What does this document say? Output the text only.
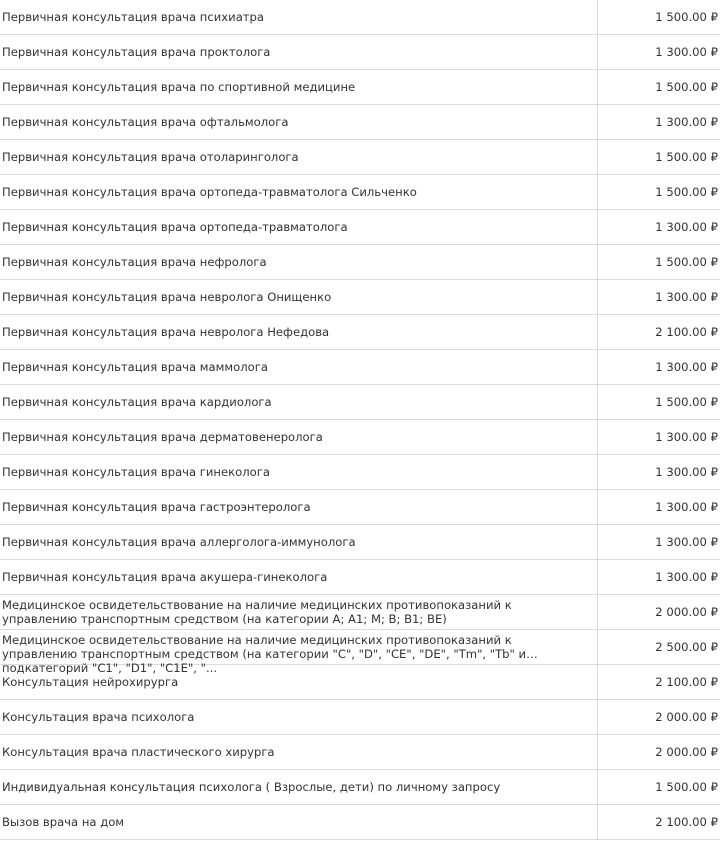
Первичная консультация врача психиатра	1 500.00 ₽

Первичная консультация врача проктолога	1 300.00 ₽

Первичная консультация врача по спортивной медицине	1 500.00 ₽

Первичная консультация врача офтальмолога	1 300.00 ₽

Первичная консультация врача отоларинголога	1 500.00 ₽

Первичная консультация врача ортопеда-травматолога Сильченко	1 500.00 ₽

Первичная консультация врача ортопеда-травматолога	1 300.00 ₽

Первичная консультация врача нефролога	1 500.00 ₽

Первичная консультация врача невролога Онищенко	1 300.00 ₽

Первичная консультация врача невролога Нефедова	2 100.00 ₽

Первичная консультация врача маммолога	1 300.00 ₽

Первичная консультация врача кардиолога	1 500.00 ₽

Первичная консультация врача дерматовенеролога	1 300.00 ₽

Первичная консультация врача гинеколога	1 300.00 ₽

Первичная консультация врача гастроэнтеролога	1 300.00 ₽

Первичная консультация врача аллерголога-иммунолога	1 300.00 ₽

Первичная консультация врача акушера-гинеколога	1 300.00 ₽

Медицинское освидетельствование на наличие медицинских противопоказаний к управлению транспортным средством (на категории А; А1; М; В; В1; ВЕ)	2 000.00 ₽

Медицинское освидетельствование на наличие медицинских противопоказаний к управлению транспортным средством (на категории "C", "D", "CE", "DE", "Tm", "Tb" и подкатегорий "C1", "D1", "C1E", "...	2 500.00 ₽

Консультация нейрохирурга	2 100.00 ₽

Консультация врача психолога	2 000.00 ₽

Консультация врача пластического хирурга	2 000.00 ₽

Индивидуальная консультация психолога ( Взрослые, дети) по личному запросу	1 500.00 ₽

Вызов врача на дом	2 100.00 ₽
